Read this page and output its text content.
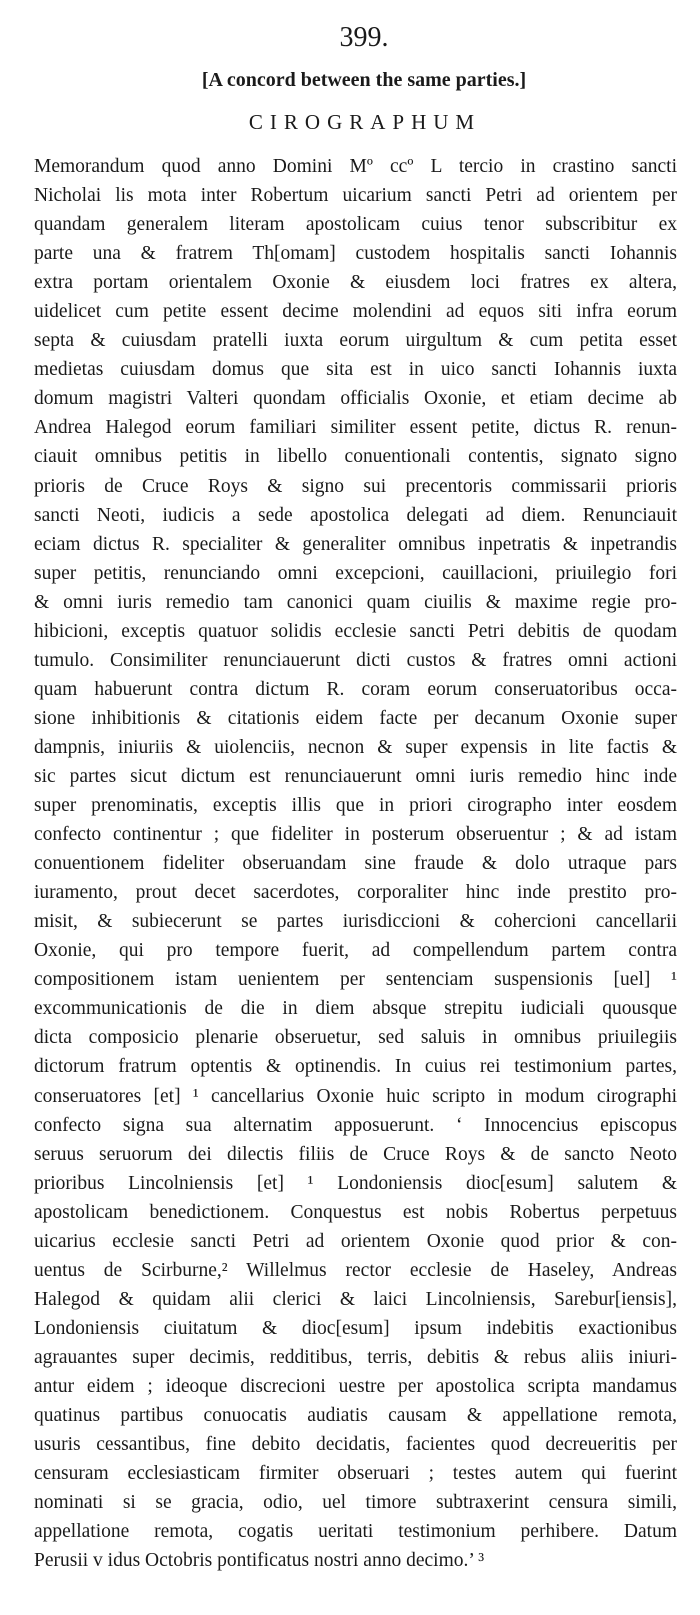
399.
[A concord between the same parties.]
CIROGRAPHUM
Memorandum quod anno Domini Mº ccº L tercio in crastino sancti
Nicholai lis mota inter Robertum uicarium sancti Petri ad orientem per
quandam generalem literam apostolicam cuius tenor subscribitur ex
parte una & fratrem Th[omam] custodem hospitalis sancti Iohannis
extra portam orientalem Oxonie & eiusdem loci fratres ex altera,
uidelicet cum petite essent decime molendini ad equos siti infra eorum
septa & cuiusdam pratelli iuxta eorum uirgultum & cum petita esset
medietas cuiusdam domus que sita est in uico sancti Iohannis iuxta
domum magistri Valteri quondam officialis Oxonie, et etiam decime ab
Andrea Halegod eorum familiari similiter essent petite, dictus R. renun-
ciauit omnibus petitis in libello conuentionali contentis, signato signo
prioris de Cruce Roys & signo sui precentoris commissarii prioris
sancti Neoti, iudicis a sede apostolica delegati ad diem. Renunciauit
eciam dictus R. specialiter & generaliter omnibus inpetratis & inpetrandis
super petitis, renunciando omni excepcioni, cauillacioni, priuilegio fori
& omni iuris remedio tam canonici quam ciuilis & maxime regie pro-
hibicioni, exceptis quatuor solidis ecclesie sancti Petri debitis de quodam
tumulo. Consimiliter renunciauerunt dicti custos & fratres omni actioni
quam habuerunt contra dictum R. coram eorum conseruatoribus occa-
sione inhibitionis & citationis eidem facte per decanum Oxonie super
dampnis, iniuriis & uiolenciis, necnon & super expensis in lite factis &
sic partes sicut dictum est renunciauerunt omni iuris remedio hinc inde
super prenominatis, exceptis illis que in priori cirographo inter eosdem
confecto continentur ; que fideliter in posterum obseruentur ; & ad istam
conuentionem fideliter obseruandam sine fraude & dolo utraque pars
iuramento, prout decet sacerdotes, corporaliter hinc inde prestito pro-
misit, & subiecerunt se partes iurisdiccioni & cohercioni cancellarii
Oxonie, qui pro tempore fuerit, ad compellendum partem contra
compositionem istam uenientem per sentenciam suspensionis [uel] ¹
excommunicationis de die in diem absque strepitu iudiciali quousque
dicta composicio plenarie obseruetur, sed saluis in omnibus priuilegiis
dictorum fratrum optentis & optinendis. In cuius rei testimonium partes,
conseruatores [et] ¹ cancellarius Oxonie huic scripto in modum cirographi
confecto signa sua alternatim apposuerunt. ‘ Innocencius episcopus
seruus seruorum dei dilectis filiis de Cruce Roys & de sancto Neoto
prioribus Lincolniensis [et] ¹ Londoniensis dioc[esum] salutem &
apostolicam benedictionem. Conquestus est nobis Robertus perpetuus
uicarius ecclesie sancti Petri ad orientem Oxonie quod prior & con-
uentus de Scirburne,² Willelmus rector ecclesie de Haseley, Andreas
Halegod & quidam alii clerici & laici Lincolniensis, Sarebur[iensis],
Londoniensis ciuitatum & dioc[esum] ipsum indebitis exactionibus
agrauantes super decimis, redditibus, terris, debitis & rebus aliis iniuri-
antur eidem ; ideoque discrecioni uestre per apostolica scripta mandamus
quatinus partibus conuocatis audiatis causam & appellatione remota,
usuris cessantibus, fine debito decidatis, facientes quod decreueritis per
censuram ecclesiasticam firmiter obseruari ; testes autem qui fuerint
nominati si se gracia, odio, uel timore subtraxerint censura simili,
appellatione remota, cogatis ueritati testimonium perhibere. Datum
Perusii v idus Octobris pontificatus nostri anno decimo.’ ³
